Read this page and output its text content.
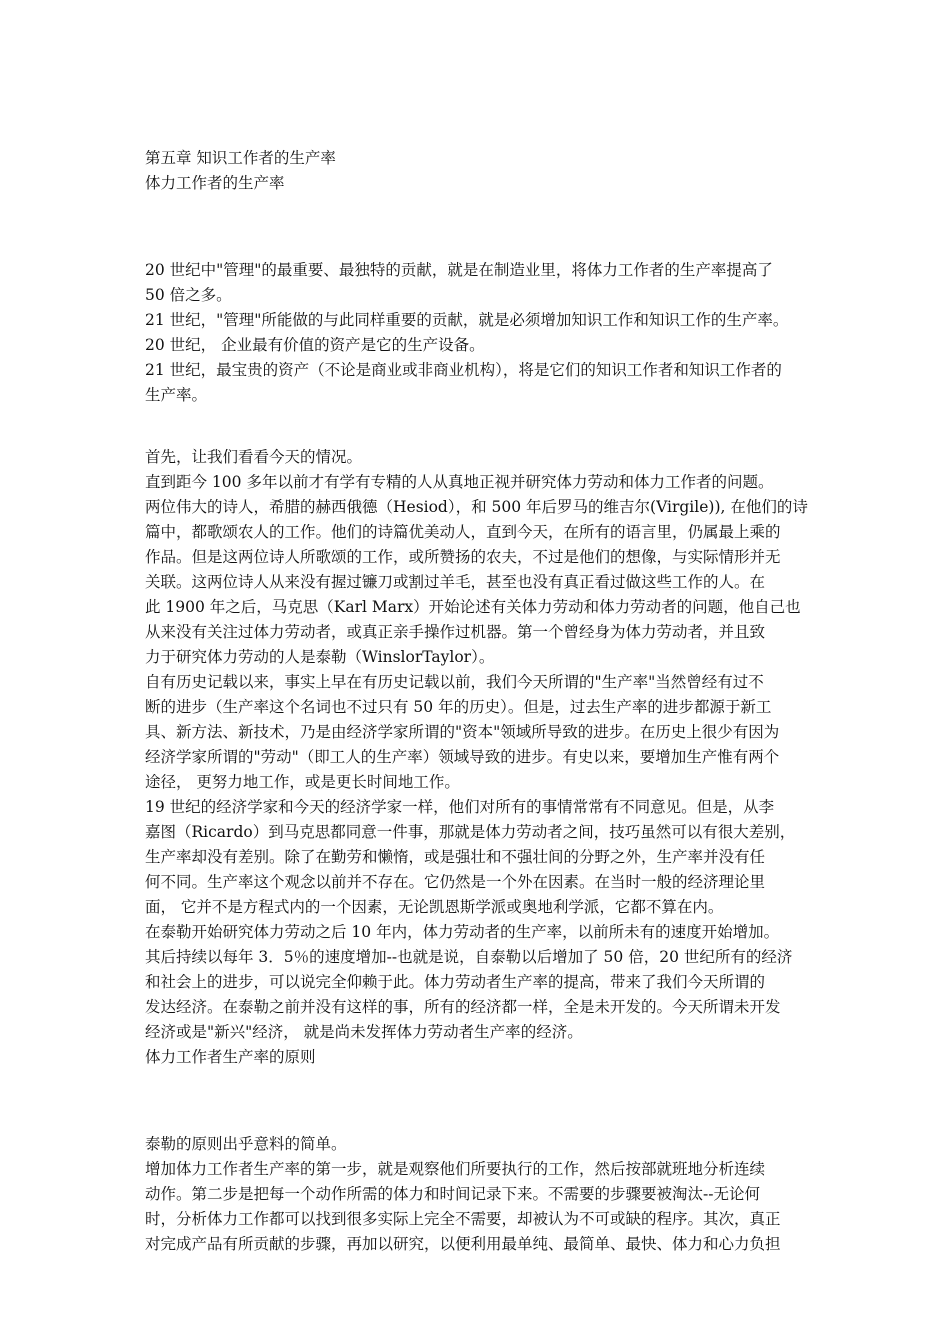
第五章 知识工作者的生产率
体力工作者的生产率
20 世纪中"管理"的最重要、最独特的贡献，就是在制造业里，将体力工作者的生产率提高了
50 倍之多。
21 世纪，"管理"所能做的与此同样重要的贡献，就是必须增加知识工作和知识工作的生产率。
20 世纪， 企业最有价值的资产是它的生产设备。
21 世纪，最宝贵的资产（不论是商业或非商业机构），将是它们的知识工作者和知识工作者的
生产率。
首先，让我们看看今天的情况。
直到距今 100 多年以前才有学有专精的人从真地正视并研究体力劳动和体力工作者的问题。
两位伟大的诗人，希腊的赫西俄德（Hesiod），和 500 年后罗马的维吉尔(Virgile)), 在他们的诗
篇中，都歌颂农人的工作。他们的诗篇优美动人，直到今天，在所有的语言里，仍属最上乘的
作品。但是这两位诗人所歌颂的工作，或所赞扬的农夫，不过是他们的想像，与实际情形并无
关联。这两位诗人从来没有握过镰刀或割过羊毛，甚至也没有真正看过做这些工作的人。在
此 1900 年之后，马克思（Karl Marx）开始论述有关体力劳动和体力劳动者的问题，他自己也
从来没有关注过体力劳动者，或真正亲手操作过机器。第一个曾经身为体力劳动者，并且致
力于研究体力劳动的人是泰勒（WinslorTaylor）。
自有历史记载以来，事实上早在有历史记载以前，我们今天所谓的"生产率"当然曾经有过不
断的进步（生产率这个名词也不过只有 50 年的历史）。但是，过去生产率的进步都源于新工
具、新方法、新技术，乃是由经济学家所谓的"资本"领域所导致的进步。在历史上很少有因为
经济学家所谓的"劳动"（即工人的生产率）领域导致的进步。有史以来，要增加生产惟有两个
途径， 更努力地工作，或是更长时间地工作。
19 世纪的经济学家和今天的经济学家一样，他们对所有的事情常常有不同意见。但是，从李
嘉图（Ricardo）到马克思都同意一件事，那就是体力劳动者之间，技巧虽然可以有很大差别，
生产率却没有差别。除了在勤劳和懒惰，或是强壮和不强壮间的分野之外，生产率并没有任
何不同。生产率这个观念以前并不存在。它仍然是一个外在因素。在当时一般的经济理论里
面， 它并不是方程式内的一个因素，无论凯恩斯学派或奥地利学派，它都不算在内。
在泰勒开始研究体力劳动之后 10 年内，体力劳动者的生产率，以前所未有的速度开始增加。
其后持续以每年 3．5％的速度增加--也就是说，自泰勒以后增加了 50 倍，20 世纪所有的经济
和社会上的进步，可以说完全仰赖于此。体力劳动者生产率的提高，带来了我们今天所谓的
发达经济。在泰勒之前并没有这样的事，所有的经济都一样，全是未开发的。今天所谓未开发
经济或是"新兴"经济， 就是尚未发挥体力劳动者生产率的经济。
体力工作者生产率的原则
泰勒的原则出乎意料的简单。
增加体力工作者生产率的第一步，就是观察他们所要执行的工作，然后按部就班地分析连续
动作。第二步是把每一个动作所需的体力和时间记录下来。不需要的步骤要被淘汰--无论何
时，分析体力工作都可以找到很多实际上完全不需要，却被认为不可或缺的程序。其次，真正
对完成产品有所贡献的步骤，再加以研究，以便利用最单纯、最简单、最快、体力和心力负担
